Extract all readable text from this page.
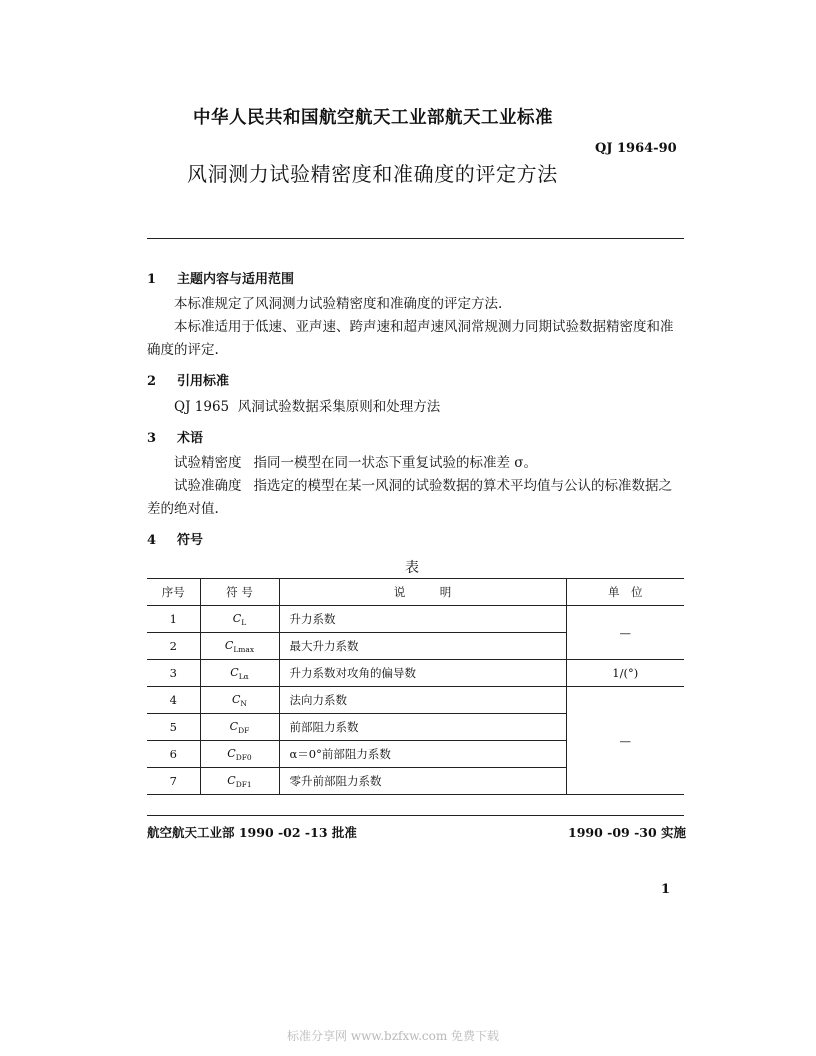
中华人民共和国航空航天工业部航天工业标准
QJ 1964-90
风洞测力试验精密度和准确度的评定方法
1 主题内容与适用范围
本标准规定了风洞测力试验精密度和准确度的评定方法.
本标准适用于低速、亚声速、跨声速和超声速风洞常规测力同期试验数据精密度和准确度的评定.
2 引用标准
QJ 1965 风洞试验数据采集原则和处理方法
3 术语
试验精密度 指同一模型在同一状态下重复试验的标准差 σ。
试验准确度 指选定的模型在某一风洞的试验数据的算术平均值与公认的标准数据之差的绝对值.
4 符号
表
序号	符 号	说　　　明	单　位
1	$C_L$	升力系数	—
2	$C_{Lmax}$	最大升力系数	
3	$C_{L\alpha}$	升力系数对攻角的偏导数	1/(°)
4	$C_N$	法向力系数	—
5	$C_{DF}$	前部阻力系数	
6	$C_{DF0}$	α＝0°前部阻力系数	
7	$C_{DF1}$	零升前部阻力系数	
航空航天工业部 1990 -02 -13 批准	1990 -09 -30 实施
1
标准分享网 www.bzfxw.com 免费下载
